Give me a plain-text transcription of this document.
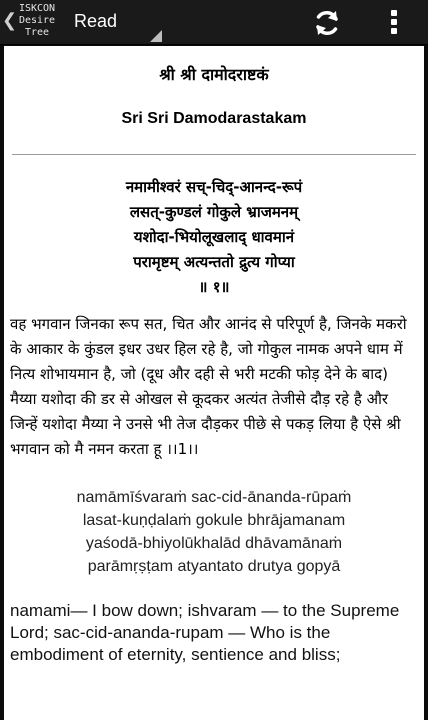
❮
ISKCON
Desire
Tree
Read
श्री श्री दामोदराष्टकं
Sri Sri Damodarastakam
नमामीश्वरं सच्-चिद्-आनन्द-रूपं
लसत्-कुण्डलं गोकुले भ्राजमनम्
यशोदा-भियोलूखलाद् धावमानं
परामृष्टम् अत्यन्ततो द्रुत्य गोप्या
॥ १॥
वह भगवान जिनका रूप सत, चित और आनंद से परिपूर्ण है, जिनके मकरो के आकार के कुंडल इधर उधर हिल रहे है, जो गोकुल नामक अपने धाम में नित्य शोभायमान है, जो (दूध और दही से भरी मटकी फोड़ देने के बाद) मैय्या यशोदा की डर से ओखल से कूदकर अत्यंत तेजीसे दौड़ रहे है और जिन्हें यशोदा मैय्या ने उनसे भी तेज दौड़कर पीछे से पकड़ लिया है ऐसे श्री भगवान को मै नमन करता हू ।।1।।
namāmīśvaraṁ sac-cid-ānanda-rūpaṁ
lasat-kuṇḍalaṁ gokule bhrājamanam
yaśodā-bhiyolūkhalād dhāvamānaṁ
parāmṛṣṭam atyantato drutya gopyā
namami— I bow down; ishvaram — to the Supreme Lord; sac-cid-ananda-rupam — Who is the embodiment of eternity, sentience and bliss;
